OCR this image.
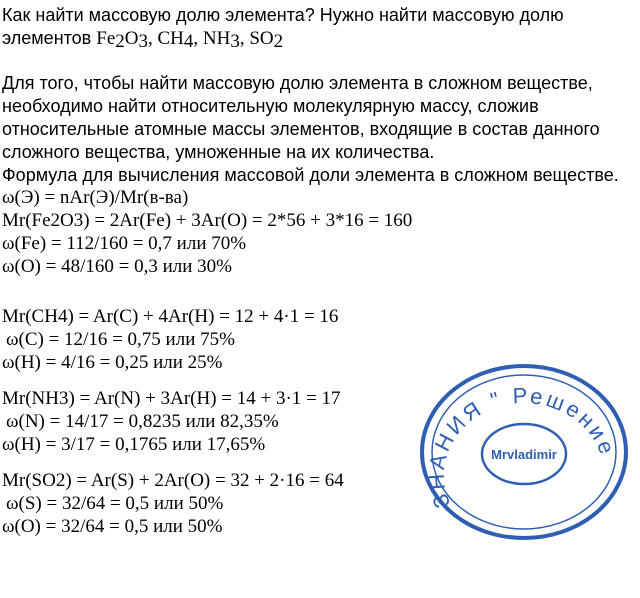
Как найти массовую долю элемента? Нужно найти массовую долю
элементов $Fe_2O_3$, $CH_4$, $NH_3$, $SO_2$
Для того, чтобы найти массовую долю элемента в сложном веществе,
необходимо найти относительную молекулярную массу, сложив
относительные атомные массы элементов, входящие в состав данного
сложного вещества, умноженные на их количества.
Формула для вычисления массовой доли элемента в сложном веществе.
ω(Э) = nAr(Э)/Mr(в-ва)
Mr(Fe2O3) = 2Ar(Fe) + 3Ar(O) = 2*56 + 3*16 = 160
ω(Fe) = 112/160 = 0,7 или 70%
ω(O) = 48/160 = 0,3 или 30%
Mr(CH4) = Ar(C) + 4Ar(H) = 12 + 4·1 = 16
ω(C) = 12/16 = 0,75 или 75%
ω(H) = 4/16 = 0,25 или 25%
Mr(NH3) = Ar(N) + 3Ar(H) = 14 + 3·1 = 17
ω(N) = 14/17 = 0,8235 или 82,35%
ω(H) = 3/17 = 0,1765 или 17,65%
Mr(SO2) = Ar(S) + 2Ar(O) = 32 + 2·16 = 64
ω(S) = 32/64 = 0,5 или 50%
ω(O) = 32/64 = 0,5 или 50%
ЗНАНИЯ " Решение
Mrvladimir
